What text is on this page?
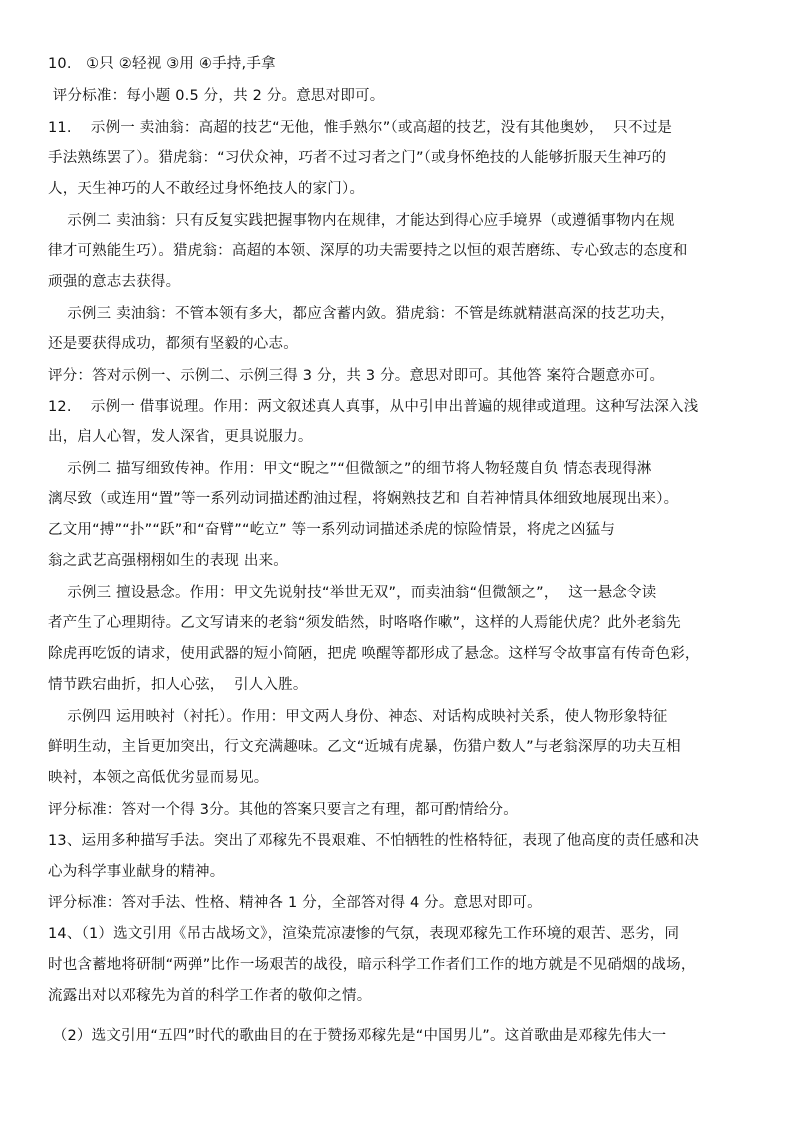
10.   ①只 ②轻视 ③用 ④手持,手拿
评分标准：每小题 0.5 分，共 2 分。意思对即可。
11.    示例一 卖油翁：高超的技艺“无他，惟手熟尔”（或高超的技艺，没有其他奥妙，  只不过是
手法熟练罢了）。猎虎翁：“习伏众神，巧者不过习者之门”（或身怀绝技的人能够折服天生神巧的
人，天生神巧的人不敢经过身怀绝技人的家门）。
示例二 卖油翁：只有反复实践把握事物内在规律，才能达到得心应手境界（或遵循事物内在规
律才可熟能生巧）。猎虎翁：高超的本领、深厚的功夫需要持之以恒的艰苦磨练、专心致志的态度和
顽强的意志去获得。
示例三 卖油翁：不管本领有多大，都应含蓄内敛。猎虎翁：不管是练就精湛高深的技艺功夫，
还是要获得成功，都须有坚毅的心志。
评分：答对示例一、示例二、示例三得 3 分，共 3 分。意思对即可。其他答 案符合题意亦可。
12.    示例一 借事说理。作用：两文叙述真人真事，从中引申出普遍的规律或道理。这种写法深入浅
出，启人心智，发人深省，更具说服力。
示例二 描写细致传神。作用：甲文“睨之”“但微颔之”的细节将人物轻蔑自负 情态表现得淋
漓尽致（或连用“置”等一系列动词描述酌油过程，将娴熟技艺和 自若神情具体细致地展现出来）。
乙文用“搏”“扑”“跃”和“奋臂”“屹立” 等一系列动词描述杀虎的惊险情景，将虎之凶猛与
翁之武艺高强栩栩如生的表现 出来。
示例三 擅设悬念。作用：甲文先说射技“举世无双”，而卖油翁“但微颔之”，  这一悬念令读
者产生了心理期待。乙文写请来的老翁“须发皓然，时咯咯作嗽”，这样的人焉能伏虎？此外老翁先
除虎再吃饭的请求，使用武器的短小简陋，把虎 唤醒等都形成了悬念。这样写令故事富有传奇色彩，
情节跌宕曲折，扣人心弦，  引人入胜。
示例四 运用映衬（衬托）。作用：甲文两人身份、神态、对话构成映衬关系，使人物形象特征
鲜明生动，主旨更加突出，行文充满趣味。乙文“近城有虎暴，伤猎户数人”与老翁深厚的功夫互相
映衬，本领之高低优劣显而易见。
评分标准：答对一个得 3分。其他的答案只要言之有理，都可酌情给分。
13、运用多种描写手法。突出了邓稼先不畏艰难、不怕牺牲的性格特征，表现了他高度的责任感和决
心为科学事业献身的精神。
评分标准：答对手法、性格、精神各 1 分，全部答对得 4 分。意思对即可。
14、（1）选文引用《吊古战场文》，渲染荒凉凄惨的气氛，表现邓稼先工作环境的艰苦、恶劣，同
时也含蓄地将研制“两弹”比作一场艰苦的战役，暗示科学工作者们工作的地方就是不见硝烟的战场，
流露出对以邓稼先为首的科学工作者的敬仰之情。
（2）选文引用“五四”时代的歌曲目的在于赞扬邓稼先是“中国男儿”。这首歌曲是邓稼先伟大一
